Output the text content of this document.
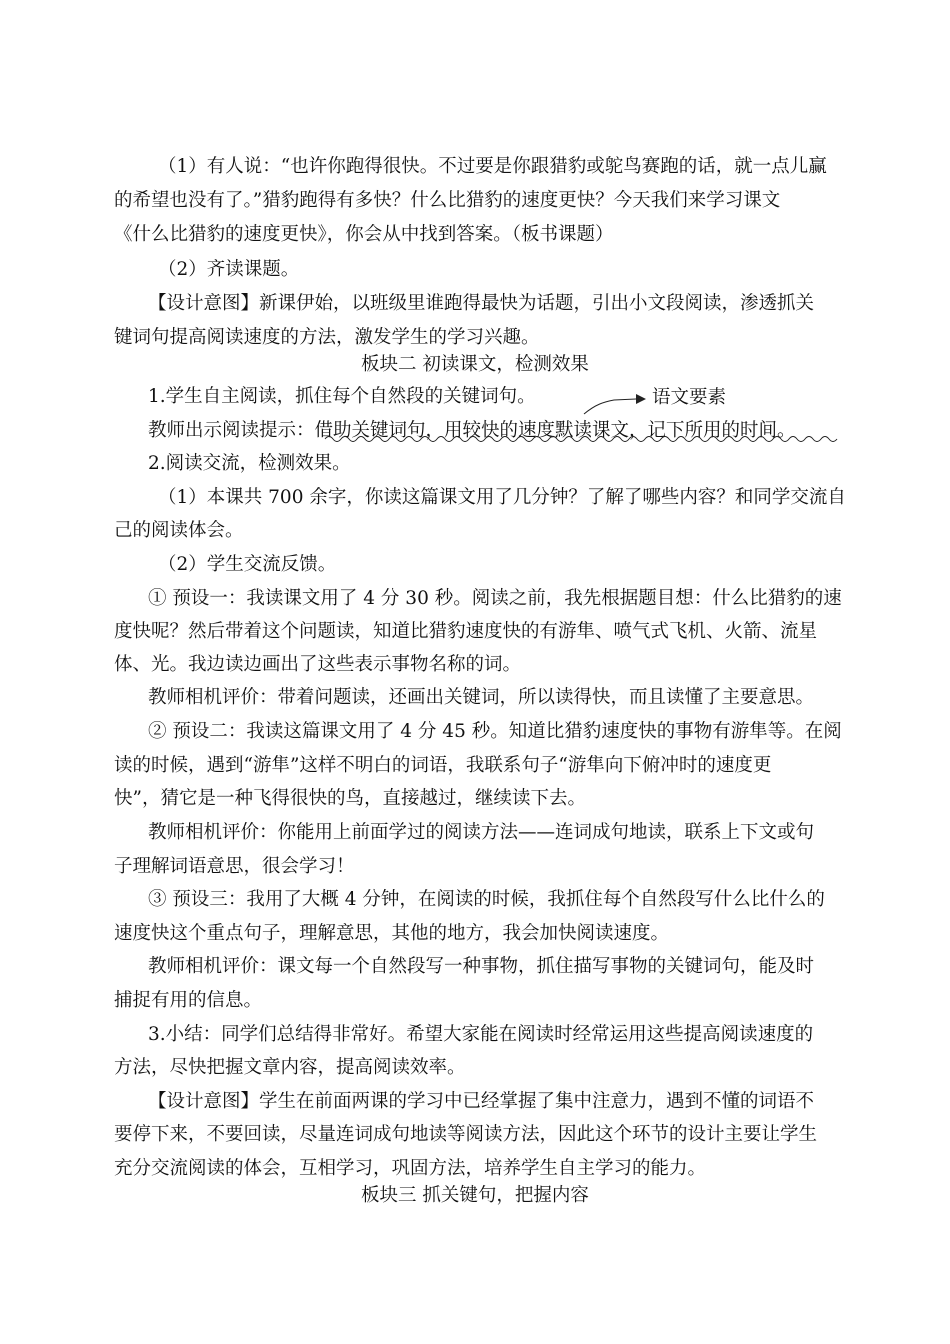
（1）有人说：“也许你跑得很快。不过要是你跟猎豹或鸵鸟赛跑的话，就一点儿赢
的希望也没有了。”猎豹跑得有多快？什么比猎豹的速度更快？今天我们来学习课文
《什么比猎豹的速度更快》，你会从中找到答案。（板书课题）
（2）齐读课题。
【设计意图】新课伊始，以班级里谁跑得最快为话题，引出小文段阅读，渗透抓关
键词句提高阅读速度的方法，激发学生的学习兴趣。
板块二 初读课文，检测效果
1.学生自主阅读，抓住每个自然段的关键词句。
教师出示阅读提示：借助关键词句，用较快的速度默读课文，记下所用的时间。
2.阅读交流，检测效果。
（1）本课共 700 余字，你读这篇课文用了几分钟？了解了哪些内容？和同学交流自
己的阅读体会。
（2）学生交流反馈。
① 预设一：我读课文用了 4 分 30 秒。阅读之前，我先根据题目想：什么比猎豹的速
度快呢？然后带着这个问题读，知道比猎豹速度快的有游隼、喷气式飞机、火箭、流星
体、光。我边读边画出了这些表示事物名称的词。
教师相机评价：带着问题读，还画出关键词，所以读得快，而且读懂了主要意思。
② 预设二：我读这篇课文用了 4 分 45 秒。知道比猎豹速度快的事物有游隼等。在阅
读的时候，遇到“游隼”这样不明白的词语，我联系句子“游隼向下俯冲时的速度更
快”，猜它是一种飞得很快的鸟，直接越过，继续读下去。
教师相机评价：你能用上前面学过的阅读方法——连词成句地读，联系上下文或句
子理解词语意思，很会学习！
③ 预设三：我用了大概 4 分钟，在阅读的时候，我抓住每个自然段写什么比什么的
速度快这个重点句子，理解意思，其他的地方，我会加快阅读速度。
教师相机评价：课文每一个自然段写一种事物，抓住描写事物的关键词句，能及时
捕捉有用的信息。
3.小结：同学们总结得非常好。希望大家能在阅读时经常运用这些提高阅读速度的
方法，尽快把握文章内容，提高阅读效率。
【设计意图】学生在前面两课的学习中已经掌握了集中注意力，遇到不懂的词语不
要停下来，不要回读，尽量连词成句地读等阅读方法，因此这个环节的设计主要让学生
充分交流阅读的体会，互相学习，巩固方法，培养学生自主学习的能力。
板块三 抓关键句，把握内容
语文要素
